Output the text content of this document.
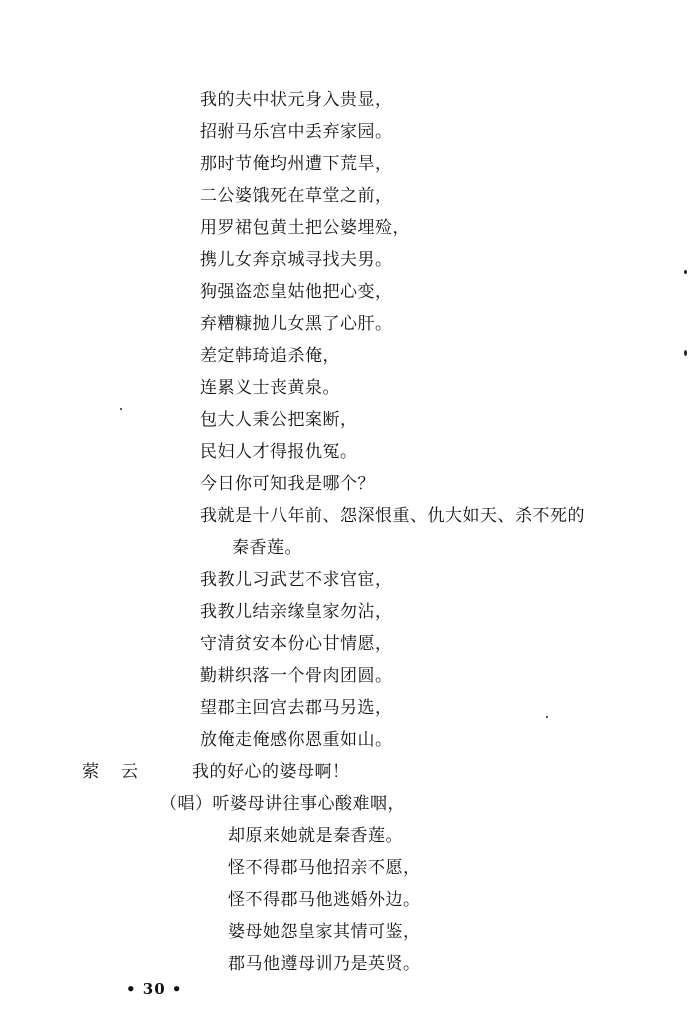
我的夫中状元身入贵显，
招驸马乐宫中丢弃家园。
那时节俺均州遭下荒旱，
二公婆饿死在草堂之前，
用罗裙包黄土把公婆埋殓，
携儿女奔京城寻找夫男。
狗强盗恋皇姑他把心变，
弃糟糠抛儿女黑了心肝。
差定韩琦追杀俺，
连累义士丧黄泉。
包大人秉公把案断，
民妇人才得报仇冤。
今日你可知我是哪个？
我就是十八年前、怨深恨重、仇大如天、杀不死的
秦香莲。
我教儿习武艺不求官宦，
我教儿结亲缘皇家勿沾，
守清贫安本份心甘情愿，
勤耕织落一个骨肉团圆。
望郡主回宫去郡马另选，
放俺走俺感你恩重如山。
萦云 我的好心的婆母啊！
（唱）听婆母讲往事心酸难咽，
却原来她就是秦香莲。
怪不得郡马他招亲不愿，
怪不得郡马他逃婚外边。
婆母她怨皇家其情可鉴，
郡马他遵母训乃是英贤。
• 30 •
